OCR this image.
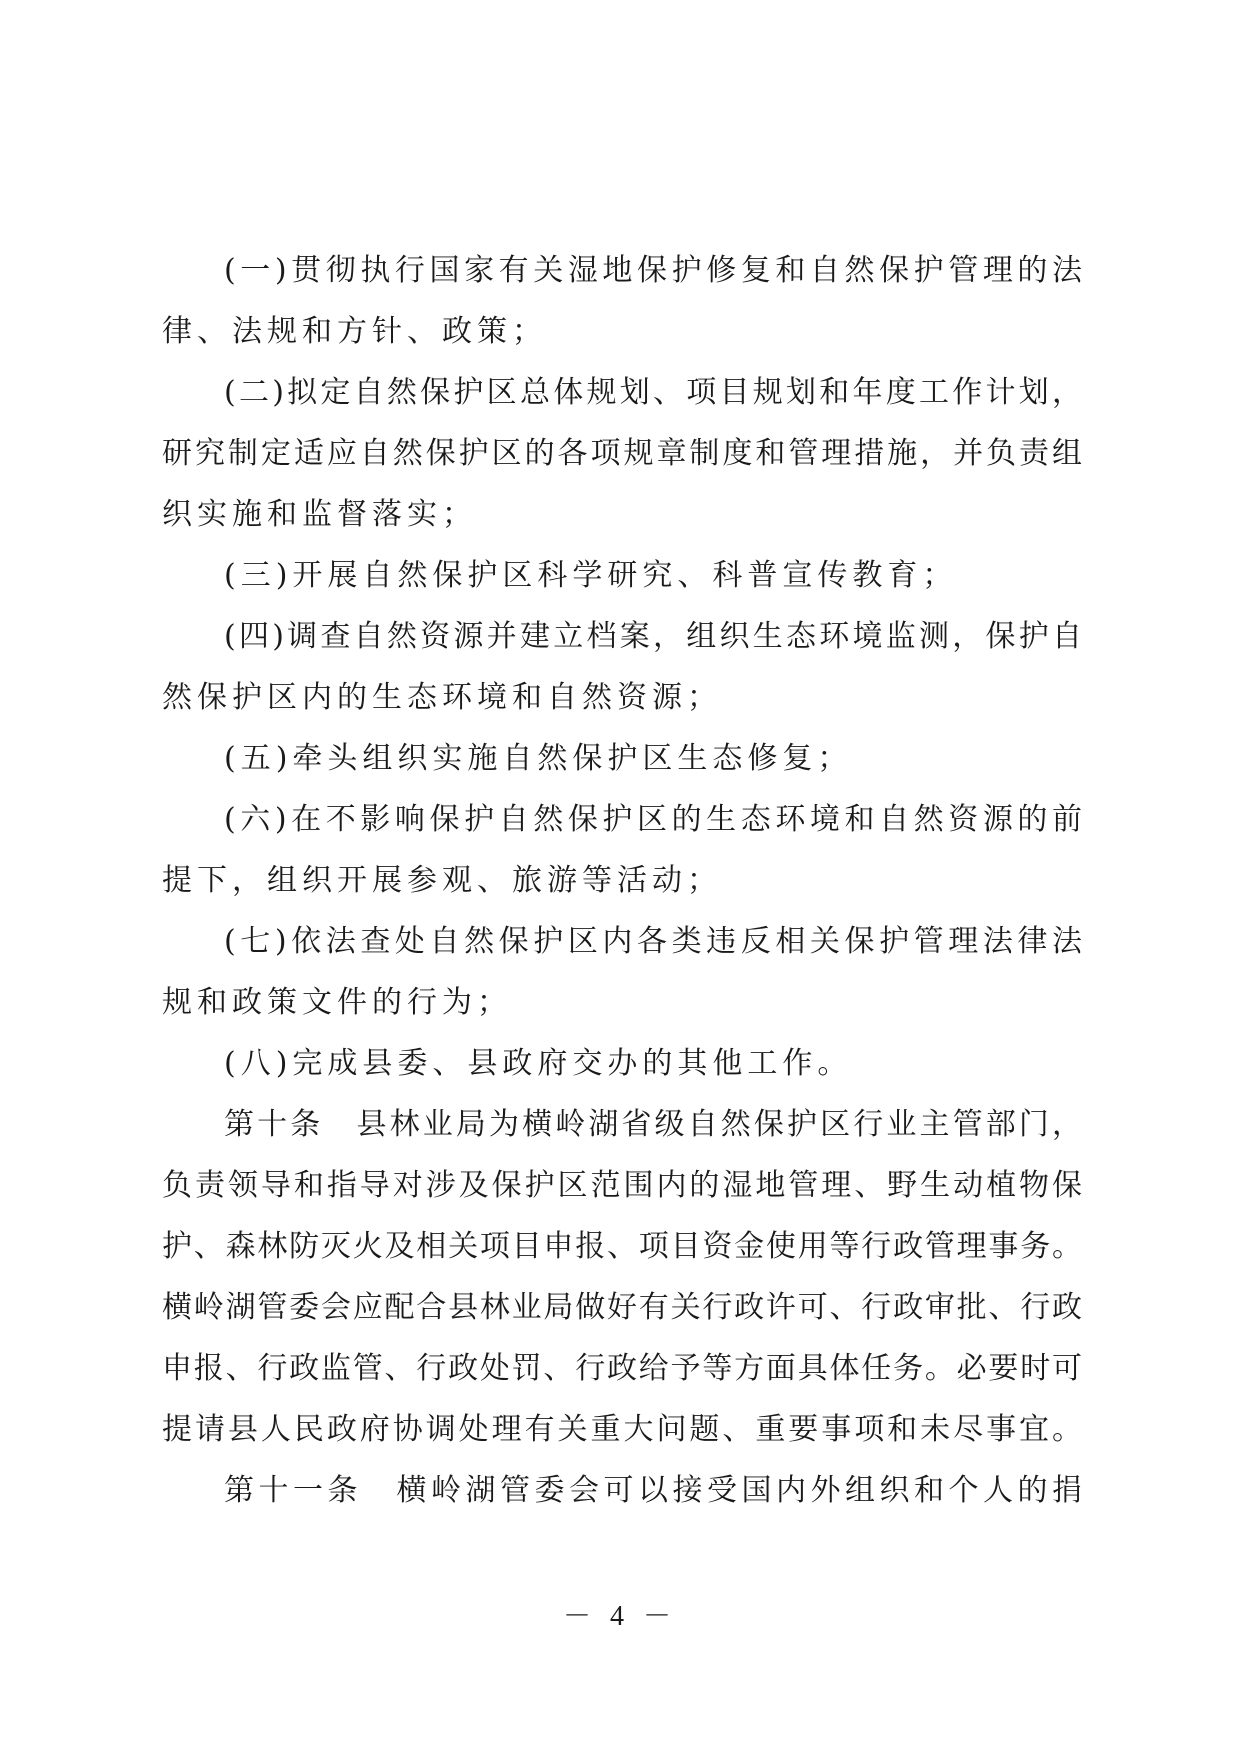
(一)贯彻执行国家有关湿地保护修复和自然保护管理的法
律、法规和方针、政策；
(二)拟定自然保护区总体规划、项目规划和年度工作计划，
研究制定适应自然保护区的各项规章制度和管理措施，并负责组
织实施和监督落实；
(三)开展自然保护区科学研究、科普宣传教育；
(四)调查自然资源并建立档案，组织生态环境监测，保护自
然保护区内的生态环境和自然资源；
(五)牵头组织实施自然保护区生态修复；
(六)在不影响保护自然保护区的生态环境和自然资源的前
提下，组织开展参观、旅游等活动；
(七)依法查处自然保护区内各类违反相关保护管理法律法
规和政策文件的行为；
(八)完成县委、县政府交办的其他工作。
第十条　县林业局为横岭湖省级自然保护区行业主管部门，
负责领导和指导对涉及保护区范围内的湿地管理、野生动植物保
护、森林防灭火及相关项目申报、项目资金使用等行政管理事务。
横岭湖管委会应配合县林业局做好有关行政许可、行政审批、行政
申报、行政监管、行政处罚、行政给予等方面具体任务。必要时可
提请县人民政府协调处理有关重大问题、重要事项和未尽事宜。
第十一条　横岭湖管委会可以接受国内外组织和个人的捐
－ 4 －
